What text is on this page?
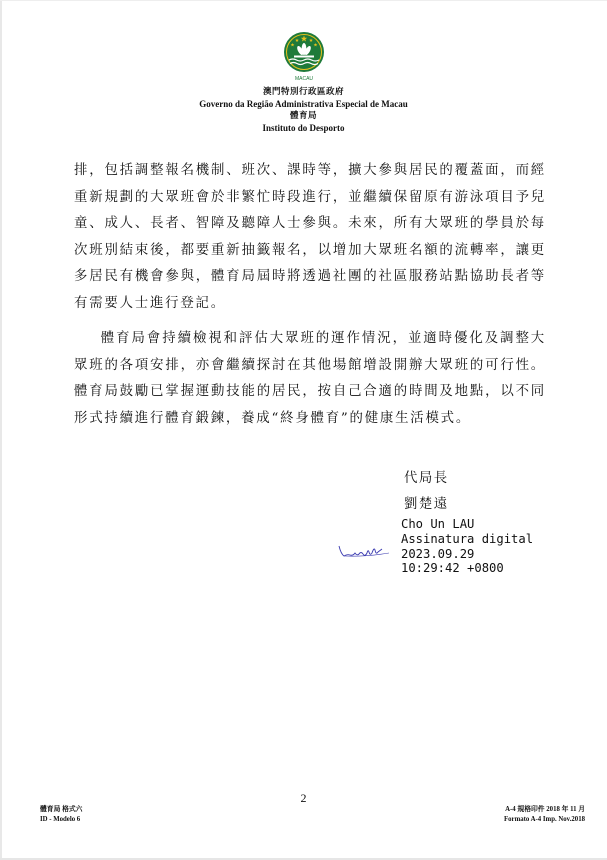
MACAU
澳門特別行政區政府
Governo da Região Administrativa Especial de Macau
體育局
Instituto do Desporto

排，包括調整報名機制、班次、課時等，擴大參與居民的覆蓋面，而經重新規劃的大眾班會於非繁忙時段進行，並繼續保留原有游泳項目予兒童、成人、長者、智障及聽障人士參與。未來，所有大眾班的學員於每次班別結束後，都要重新抽籤報名，以增加大眾班名額的流轉率，讓更多居民有機會參與，體育局屆時將透過社團的社區服務站點協助長者等有需要人士進行登記。

體育局會持續檢視和評估大眾班的運作情況，並適時優化及調整大眾班的各項安排，亦會繼續探討在其他場館增設開辦大眾班的可行性。體育局鼓勵已掌握運動技能的居民，按自己合適的時間及地點，以不同形式持續進行體育鍛鍊，養成“終身體育”的健康生活模式。

代局長
劉楚遠
Cho Un LAU
Assinatura digital
2023.09.29
10:29:42 +0800
2
體育局 格式六
ID - Modelo 6
A-4 規格印件 2018 年 11 月
Formato A-4 Imp. Nov.2018
